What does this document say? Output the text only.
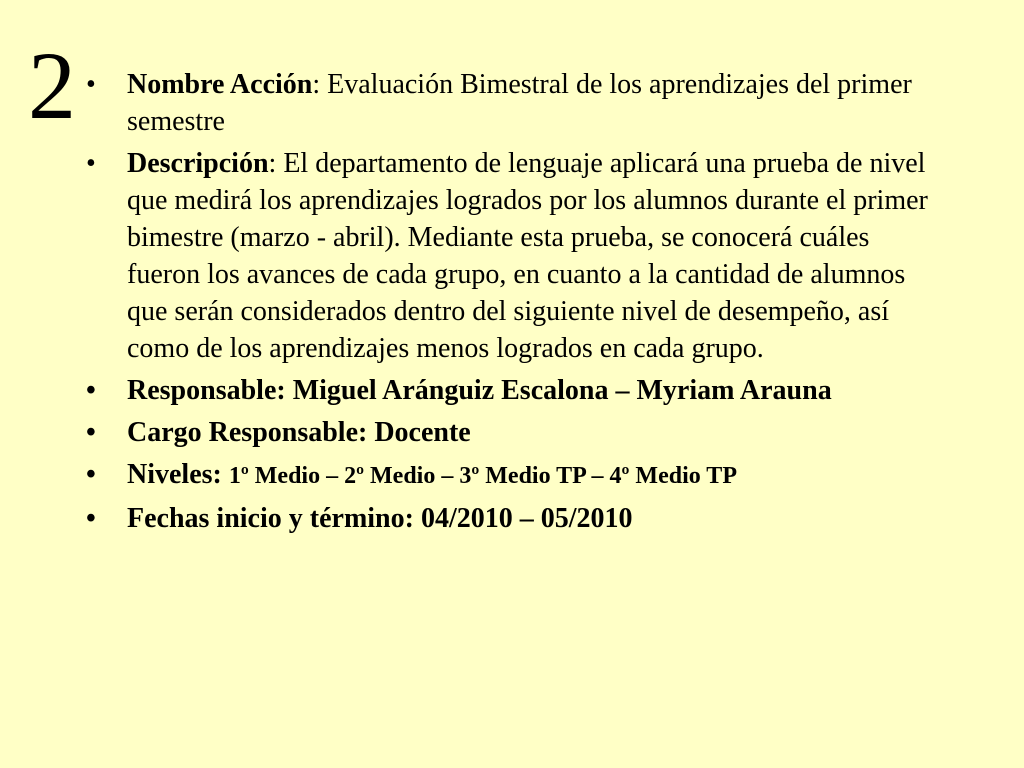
2 • Nombre Acción: Evaluación Bimestral de los aprendizajes del primer semestre
• Descripción: El departamento de lenguaje aplicará una prueba de nivel que medirá los aprendizajes logrados por los alumnos durante el primer bimestre (marzo - abril). Mediante esta prueba, se conocerá cuáles fueron los avances de cada grupo, en cuanto a la cantidad de alumnos que serán considerados dentro del siguiente nivel de desempeño, así como de los aprendizajes menos logrados en cada grupo.
• Responsable: Miguel Aránguiz Escalona – Myriam Arauna
• Cargo Responsable: Docente
• Niveles: 1º Medio – 2º Medio – 3º Medio TP – 4º Medio TP
• Fechas inicio y término: 04/2010 – 05/2010
